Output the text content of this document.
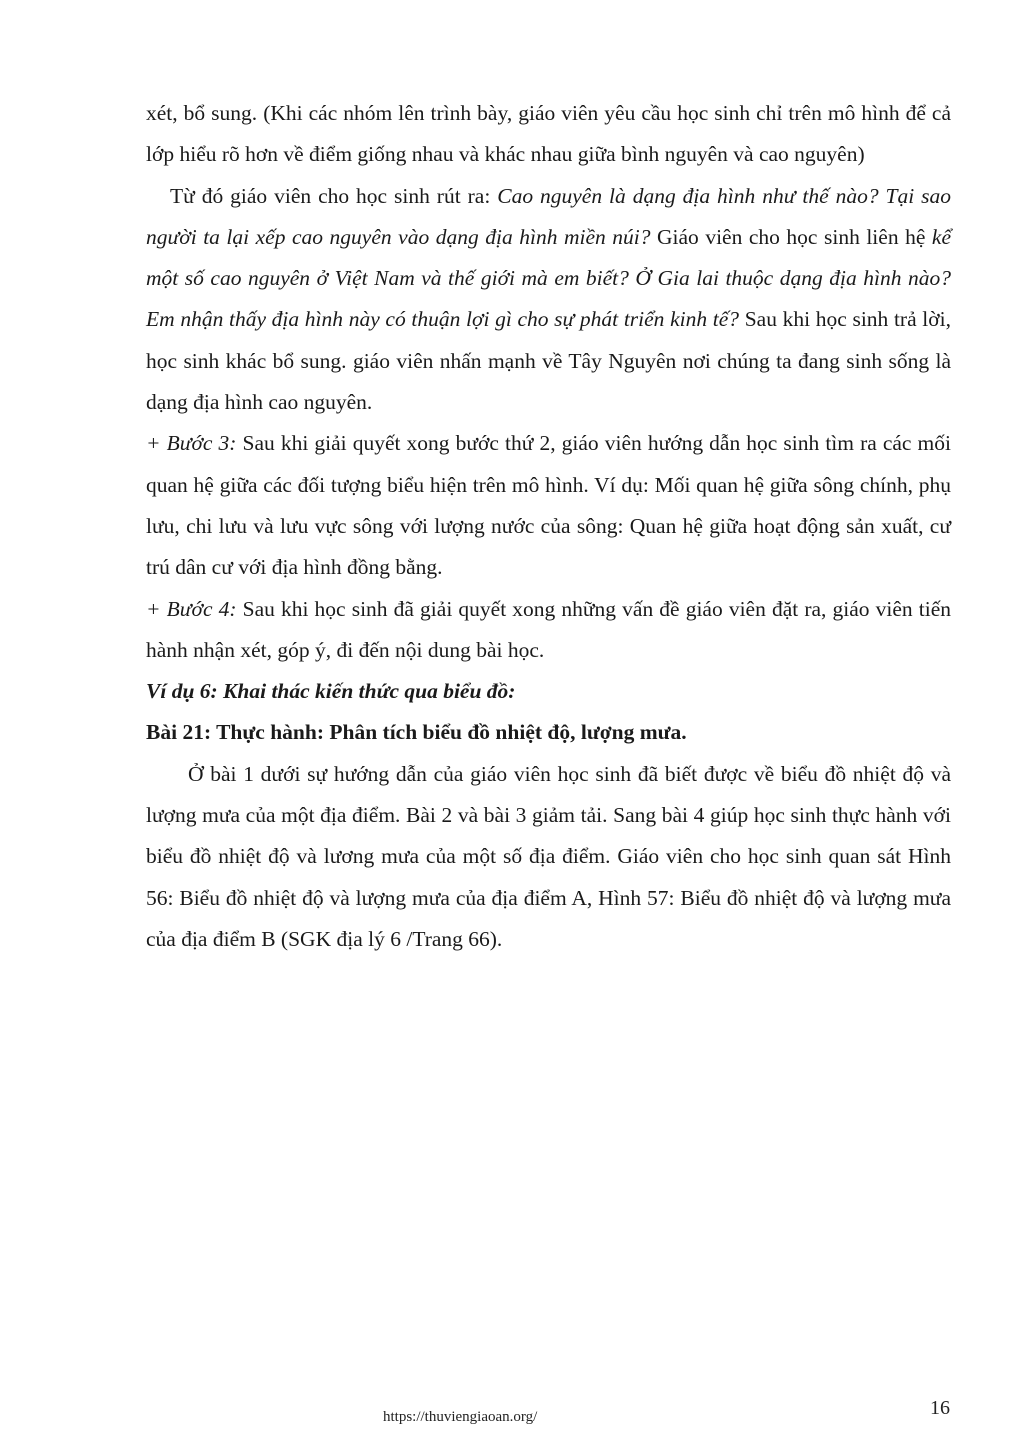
xét, bổ sung. (Khi các nhóm lên trình bày, giáo viên yêu cầu học sinh chỉ trên mô hình để cả lớp hiểu rõ hơn về điểm giống nhau và khác nhau giữa bình nguyên và cao nguyên)

Từ đó giáo viên cho học sinh rút ra: Cao nguyên là dạng địa hình như thế nào? Tại sao người ta lại xếp cao nguyên vào dạng địa hình miền núi? Giáo viên cho học sinh liên hệ kể một số cao nguyên ở Việt Nam và thế giới mà em biết? Ở Gia lai thuộc dạng địa hình nào? Em nhận thấy địa hình này có thuận lợi gì cho sự phát triển kinh tế? Sau khi học sinh trả lời, học sinh khác bổ sung. giáo viên nhấn mạnh về Tây Nguyên nơi chúng ta đang sinh sống là dạng địa hình cao nguyên.

+ Bước 3: Sau khi giải quyết xong bước thứ 2, giáo viên hướng dẫn học sinh tìm ra các mối quan hệ giữa các đối tượng biểu hiện trên mô hình. Ví dụ: Mối quan hệ giữa sông chính, phụ lưu, chi lưu và lưu vực sông với lượng nước của sông: Quan hệ giữa hoạt động sản xuất, cư trú dân cư với địa hình đồng bằng.

+ Bước 4: Sau khi học sinh đã giải quyết xong những vấn đề giáo viên đặt ra, giáo viên tiến hành nhận xét, góp ý, đi đến nội dung bài học.

Ví dụ 6: Khai thác kiến thức qua biểu đồ:

Bài 21: Thực hành: Phân tích biểu đồ nhiệt độ, lượng mưa.

Ở bài 1 dưới sự hướng dẫn của giáo viên học sinh đã biết được về biểu đồ nhiệt độ và lượng mưa của một địa điểm. Bài 2 và bài 3 giảm tải. Sang bài 4 giúp học sinh thực hành với biểu đồ nhiệt độ và lương mưa của một số địa điểm. Giáo viên cho học sinh quan sát Hình 56: Biểu đồ nhiệt độ và lượng mưa của địa điểm A, Hình 57: Biểu đồ nhiệt độ và lượng mưa của địa điểm B (SGK địa lý 6 /Trang 66).

https://thuviengiaoan.org/	16
